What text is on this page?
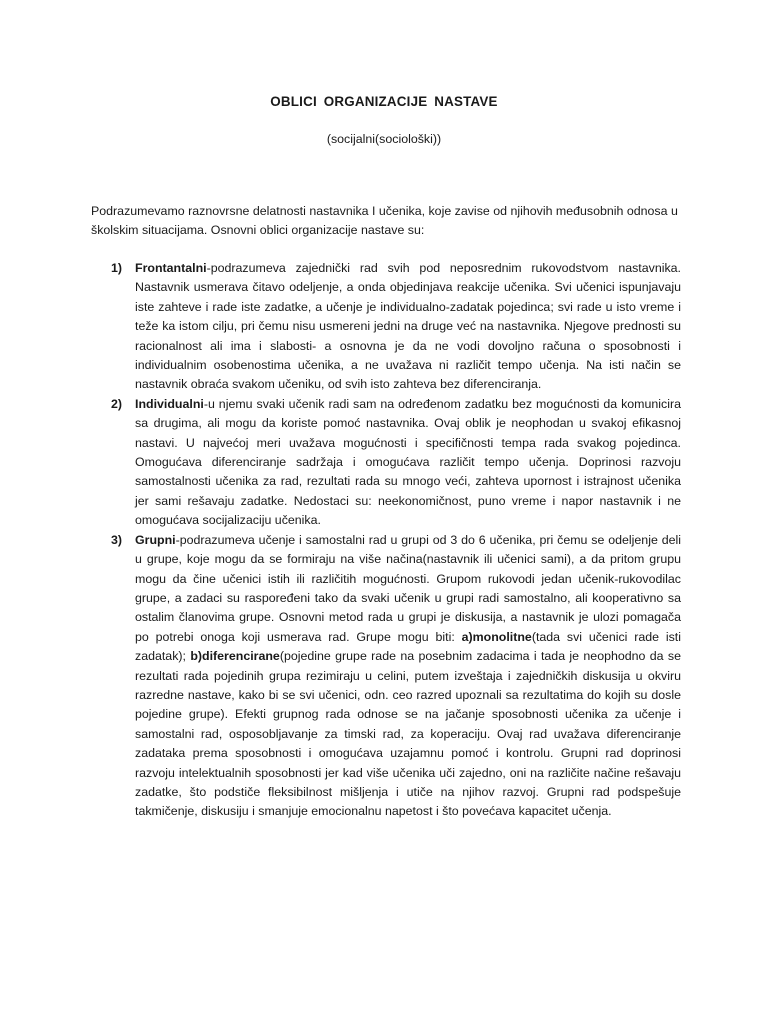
OBLICI ORGANIZACIJE NASTAVE
(socijalni(sociološki))

Podrazumevamo raznovrsne delatnosti nastavnika I učenika, koje zavise od njihovih međusobnih odnosa u školskim situacijama. Osnovni oblici organizacije nastave su:

1) Frontantalni-podrazumeva zajednički rad svih pod neposrednim rukovodstvom nastavnika. Nastavnik usmerava čitavo odeljenje, a onda objedinjava reakcije učenika. Svi učenici ispunjavaju iste zahteve i rade iste zadatke, a učenje je individualno-zadatak pojedinca; svi rade u isto vreme i teže ka istom cilju, pri čemu nisu usmereni jedni na druge već na nastavnika. Njegove prednosti su racionalnost ali ima i slabosti- a osnovna je da ne vodi dovoljno računa o sposobnosti i individualnim osobenostima učenika, a ne uvažava ni različit tempo učenja. Na isti način se nastavnik obraća svakom učeniku, od svih isto zahteva bez diferenciranja.
2) Individualni-u njemu svaki učenik radi sam na određenom zadatku bez mogućnosti da komunicira sa drugima, ali mogu da koriste pomoć nastavnika. Ovaj oblik je neophodan u svakoj efikasnoj nastavi. U najvećoj meri uvažava mogućnosti i specifičnosti tempa rada svakog pojedinca. Omogućava diferenciranje sadržaja i omogućava različit tempo učenja. Doprinosi razvoju samostalnosti učenika za rad, rezultati rada su mnogo veći, zahteva upornost i istrajnost učenika jer sami rešavaju zadatke. Nedostaci su: neekonomičnost, puno vreme i napor nastavnik i ne omogućava socijalizaciju učenika.
3) Grupni-podrazumeva učenje i samostalni rad u grupi od 3 do 6 učenika, pri čemu se odeljenje deli u grupe, koje mogu da se formiraju na više načina(nastavnik ili učenici sami), a da pritom grupu mogu da čine učenici istih ili različitih mogućnosti. Grupom rukovodi jedan učenik-rukovodilac grupe, a zadaci su raspoređeni tako da svaki učenik u grupi radi samostalno, ali kooperativno sa ostalim članovima grupe. Osnovni metod rada u grupi je diskusija, a nastavnik je ulozi pomagača po potrebi onoga koji usmerava rad. Grupe mogu biti: a)monolitne(tada svi učenici rade isti zadatak); b)diferencirane(pojedine grupe rade na posebnim zadacima i tada je neophodno da se rezultati rada pojedinih grupa rezimiraju u celini, putem izveštaja i zajedničkih diskusija u okviru razredne nastave, kako bi se svi učenici, odn. ceo razred upoznali sa rezultatima do kojih su dosle pojedine grupe). Efekti grupnog rada odnose se na jačanje sposobnosti učenika za učenje i samostalni rad, osposobljavanje za timski rad, za koperaciju. Ovaj rad uvažava diferenciranje zadataka prema sposobnosti i omogućava uzajamnu pomoć i kontrolu. Grupni rad doprinosi razvoju intelektualnih sposobnosti jer kad više učenika uči zajedno, oni na različite načine rešavaju zadatke, što podstiče fleksibilnost mišljenja i utiče na njihov razvoj. Grupni rad podspešuje takmičenje, diskusiju i smanjuje emocionalnu napetost i što povećava kapacitet učenja.
